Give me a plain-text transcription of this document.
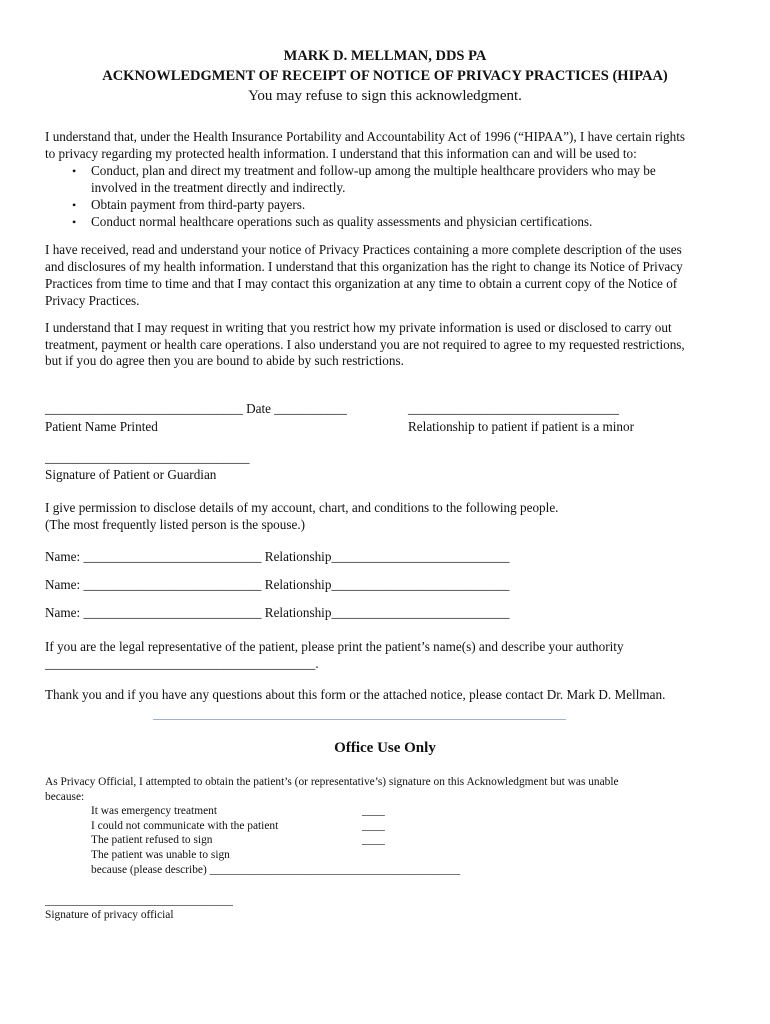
MARK D. MELLMAN, DDS PA
ACKNOWLEDGMENT OF RECEIPT OF NOTICE OF PRIVACY PRACTICES (HIPAA)
You may refuse to sign this acknowledgment.
I understand that, under the Health Insurance Portability and Accountability Act of 1996 (“HIPAA”), I have certain rights
to privacy regarding my protected health information. I understand that this information can and will be used to:
• Conduct, plan and direct my treatment and follow-up among the multiple healthcare providers who may be
involved in the treatment directly and indirectly.
• Obtain payment from third-party payers.
• Conduct normal healthcare operations such as quality assessments and physician certifications.
I have received, read and understand your notice of Privacy Practices containing a more complete description of the uses
and disclosures of my health information. I understand that this organization has the right to change its Notice of Privacy
Practices from time to time and that I may contact this organization at any time to obtain a current copy of the Notice of
Privacy Practices.
I understand that I may request in writing that you restrict how my private information is used or disclosed to carry out
treatment, payment or health care operations. I also understand you are not required to agree to my requested restrictions,
but if you do agree then you are bound to abide by such restrictions.
______________________________ Date ___________	________________________________
Patient Name Printed	Relationship to patient if patient is a minor
_______________________________
Signature of Patient or Guardian
I give permission to disclose details of my account, chart, and conditions to the following people.
(The most frequently listed person is the spouse.)
Name: ___________________________ Relationship___________________________
Name: ___________________________ Relationship___________________________
Name: ___________________________ Relationship___________________________
If you are the legal representative of the patient, please print the patient’s name(s) and describe your authority
_________________________________________.
Thank you and if you have any questions about this form or the attached notice, please contact Dr. Mark D. Mellman.
Office Use Only
As Privacy Official, I attempted to obtain the patient’s (or representative’s) signature on this Acknowledgment but was unable
because:
It was emergency treatment	____
I could not communicate with the patient	____
The patient refused to sign	____
The patient was unable to sign
because (please describe) ____________________________________________
_________________________________
Signature of privacy official
